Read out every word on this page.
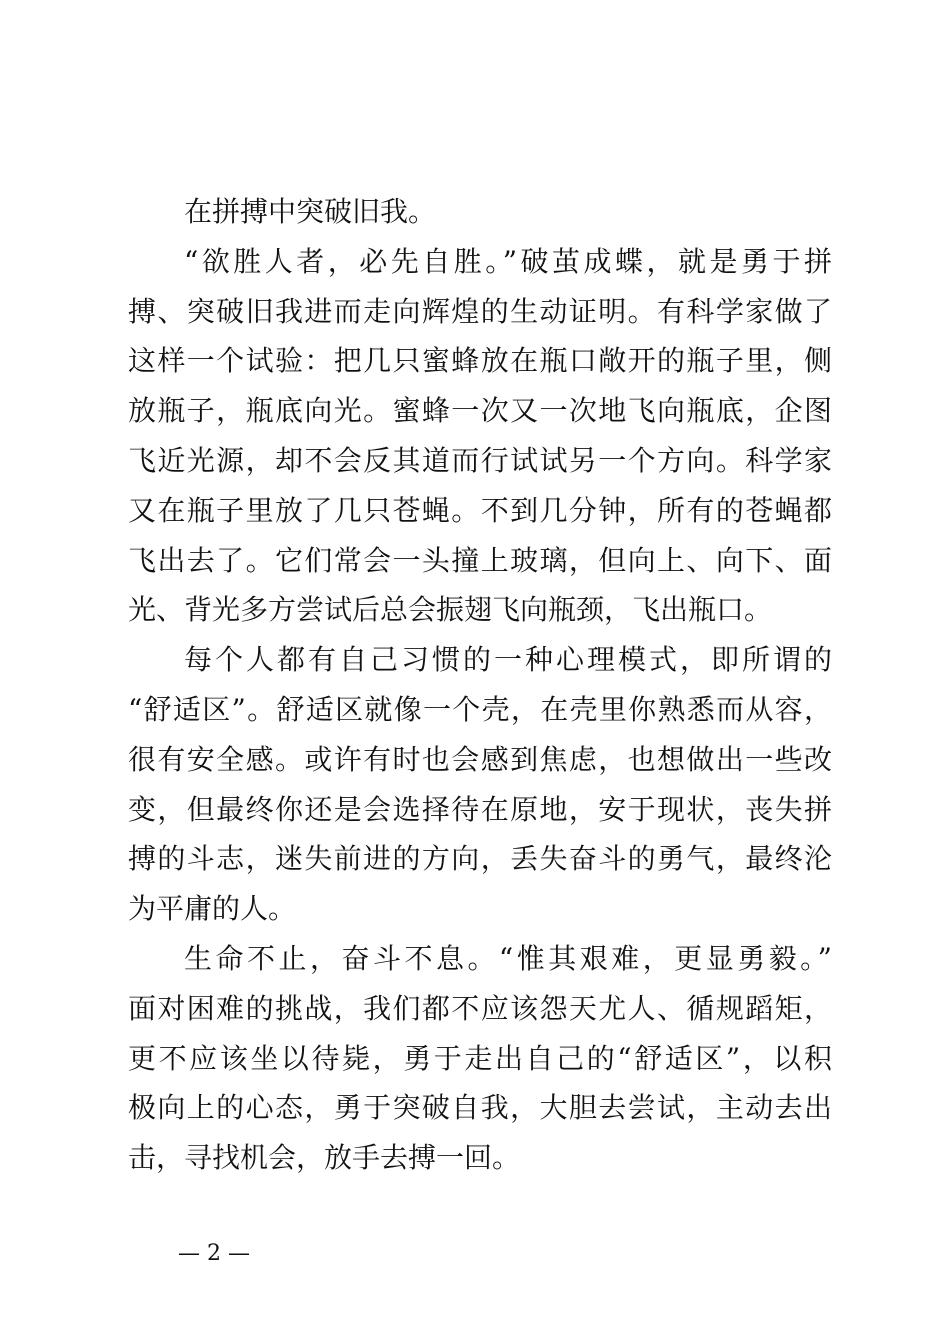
在拼搏中突破旧我。
“欲胜人者，必先自胜。”破茧成蝶，就是勇于拼
搏、突破旧我进而走向辉煌的生动证明。有科学家做了
这样一个试验：把几只蜜蜂放在瓶口敞开的瓶子里，侧
放瓶子，瓶底向光。蜜蜂一次又一次地飞向瓶底，企图
飞近光源，却不会反其道而行试试另一个方向。科学家
又在瓶子里放了几只苍蝇。不到几分钟，所有的苍蝇都
飞出去了。它们常会一头撞上玻璃，但向上、向下、面
光、背光多方尝试后总会振翅飞向瓶颈，飞出瓶口。
每个人都有自己习惯的一种心理模式，即所谓的
“舒适区”。舒适区就像一个壳，在壳里你熟悉而从容，
很有安全感。或许有时也会感到焦虑，也想做出一些改
变，但最终你还是会选择待在原地，安于现状，丧失拼
搏的斗志，迷失前进的方向，丢失奋斗的勇气，最终沦
为平庸的人。
生命不止，奋斗不息。“惟其艰难，更显勇毅。”
面对困难的挑战，我们都不应该怨天尤人、循规蹈矩，
更不应该坐以待毙，勇于走出自己的“舒适区”，以积
极向上的心态，勇于突破自我，大胆去尝试，主动去出
击，寻找机会，放手去搏一回。
— 2 —
